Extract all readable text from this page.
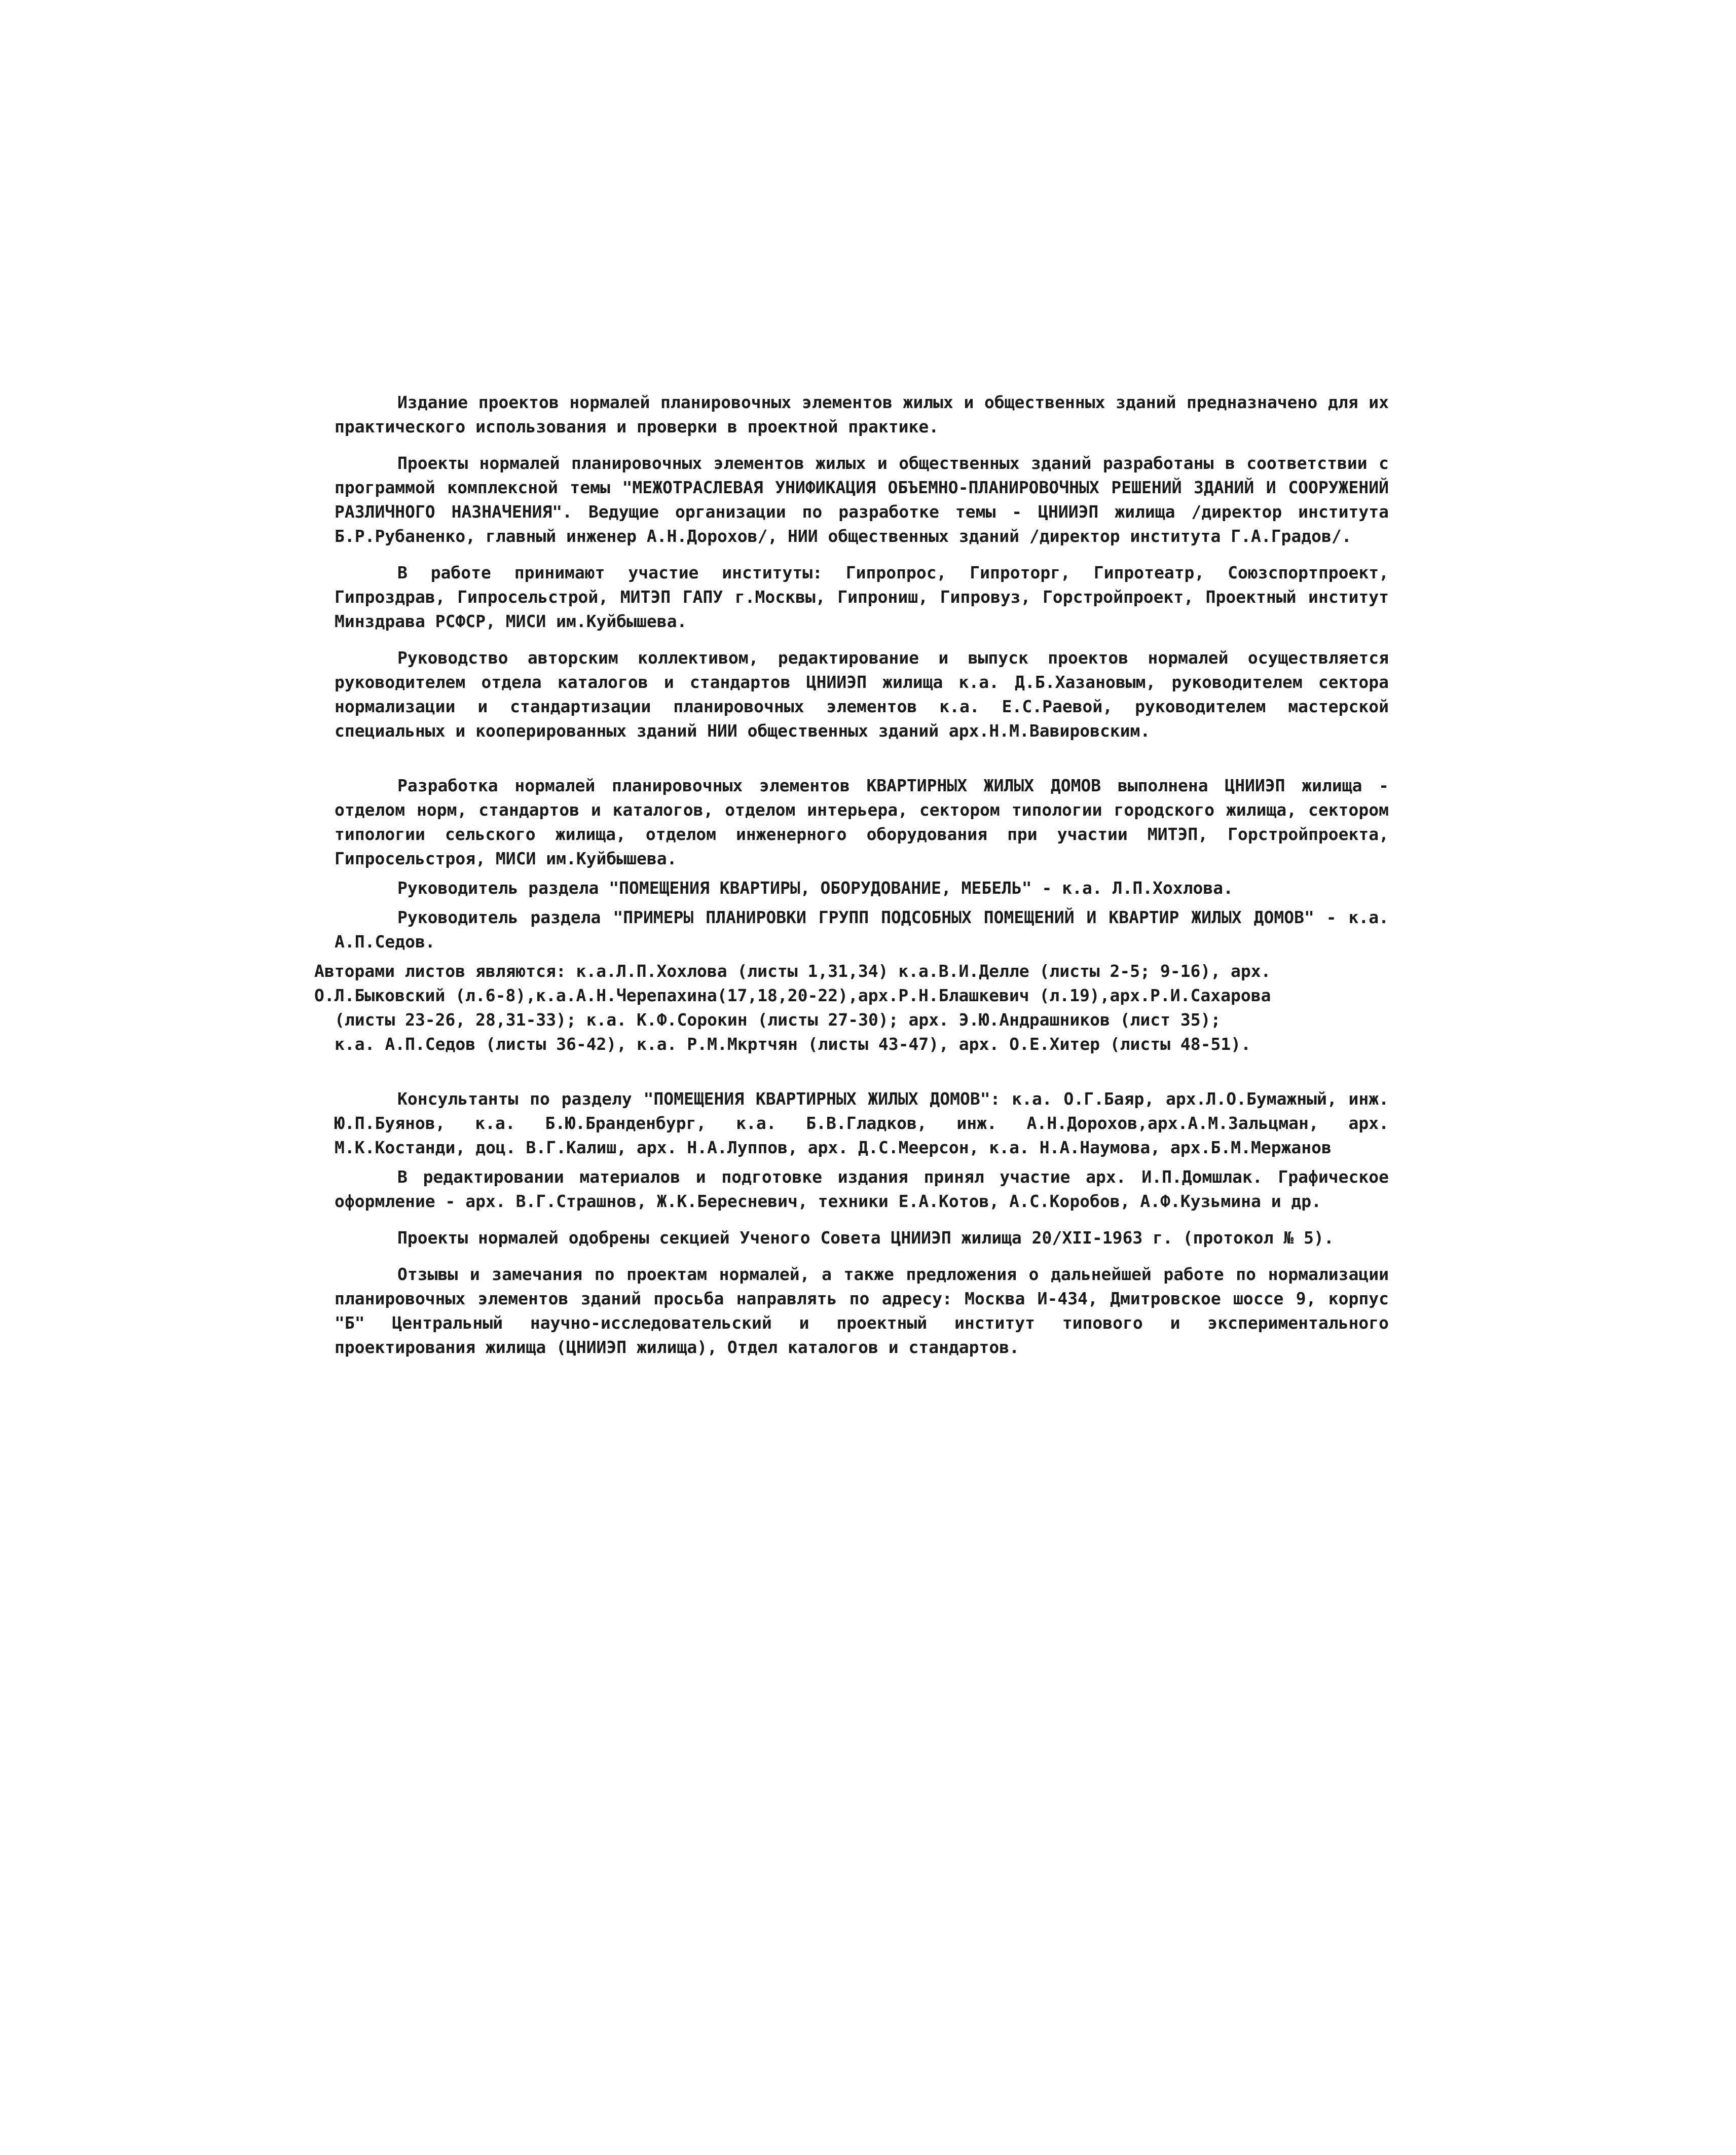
Издание проектов нормалей планировочных элементов жилых и общественных зданий предназначено для их практического использования и проверки в проектной практике.

Проекты нормалей планировочных элементов жилых и общественных зданий разработаны в соответствии с программой комплексной темы "МЕЖОТРАСЛЕВАЯ УНИФИКАЦИЯ ОБЪЕМНО-ПЛАНИРОВОЧНЫХ РЕШЕНИЙ ЗДАНИЙ И СООРУЖЕНИЙ РАЗЛИЧНОГО НАЗНАЧЕНИЯ". Ведущие организации по разработке темы - ЦНИИЭП жилища /директор института Б.Р.Рубаненко, главный инженер А.Н.Дорохов/, НИИ общественных зданий /директор института Г.А.Градов/.

В работе принимают участие институты: Гипропрос, Гипроторг, Гипротеатр, Союзспортпроект, Гипроздрав, Гипросельстрой, МИТЭП ГАПУ г.Москвы, Гипрониш, Гипровуз, Горстройпроект, Проектный институт Минздрава РСФСР, МИСИ им.Куйбышева.

Руководство авторским коллективом, редактирование и выпуск проектов нормалей осуществляется руководителем отдела каталогов и стандартов ЦНИИЭП жилища к.а. Д.Б.Хазановым, руководителем сектора нормализации и стандартизации планировочных элементов к.а. Е.С.Раевой, руководителем мастерской специальных и кооперированных зданий НИИ общественных зданий арх.Н.М.Вавировским.

Разработка нормалей планировочных элементов КВАРТИРНЫХ ЖИЛЫХ ДОМОВ выполнена ЦНИИЭП жилища - отделом норм, стандартов и каталогов, отделом интерьера, сектором типологии городского жилища, сектором типологии сельского жилища, отделом инженерного оборудования при участии МИТЭП, Горстройпроекта, Гипросельстроя, МИСИ им.Куйбышева.

Руководитель раздела "ПОМЕЩЕНИЯ КВАРТИРЫ, ОБОРУДОВАНИЕ, МЕБЕЛЬ" - к.а. Л.П.Хохлова.

Руководитель раздела "ПРИМЕРЫ ПЛАНИРОВКИ ГРУПП ПОДСОБНЫХ ПОМЕЩЕНИЙ И КВАРТИР ЖИЛЫХ ДОМОВ" - к.а. А.П.Седов.

Авторами листов являются: к.а.Л.П.Хохлова (листы 1,31,34) к.а.В.И.Делле (листы 2-5; 9-16), арх.
О.Л.Быковский (л.6-8),к.а.А.Н.Черепахина(17,18,20-22),арх.Р.Н.Блашкевич (л.19),арх.Р.И.Сахарова
(листы 23-26, 28,31-33); к.а. К.Ф.Сорокин (листы 27-30); арх. Э.Ю.Андрашников (лист 35);
к.а. А.П.Седов (листы 36-42), к.а. Р.М.Мкртчян (листы 43-47), арх. О.Е.Хитер (листы 48-51).

Консультанты по разделу "ПОМЕЩЕНИЯ КВАРТИРНЫХ ЖИЛЫХ ДОМОВ": к.а. О.Г.Баяр, арх.Л.О.Бумажный, инж. Ю.П.Буянов, к.а. Б.Ю.Бранденбург, к.а. Б.В.Гладков, инж. А.Н.Дорохов,арх.А.М.Зальцман, арх. М.К.Костанди, доц. В.Г.Калиш, арх. Н.А.Луппов, арх. Д.С.Меерсон, к.а. Н.А.Наумова, арх.Б.М.Мержанов

В редактировании материалов и подготовке издания принял участие арх. И.П.Домшлак. Графическое оформление - арх. В.Г.Страшнов, Ж.К.Бересневич, техники Е.А.Котов, А.С.Коробов, А.Ф.Кузьмина и др.

Проекты нормалей одобрены секцией Ученого Совета ЦНИИЭП жилища 20/XII-1963 г. (протокол № 5).

Отзывы и замечания по проектам нормалей, а также предложения о дальнейшей работе по нормализации планировочных элементов зданий просьба направлять по адресу: Москва И-434, Дмитровское шоссе 9, корпус "Б" Центральный научно-исследовательский и проектный институт типового и экспериментального проектирования жилища (ЦНИИЭП жилища), Отдел каталогов и стандартов.
